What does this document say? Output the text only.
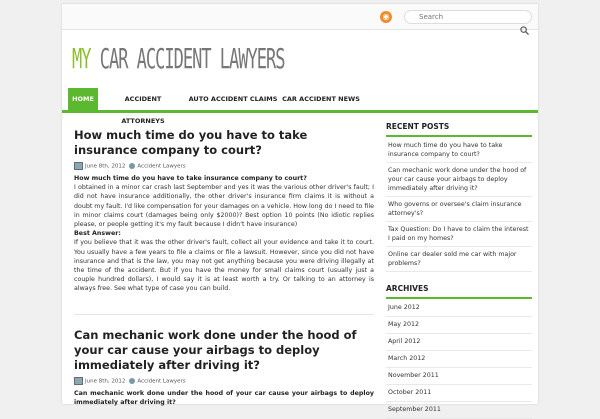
◉
Search
MY CAR ACCIDENT LAWYERS
HOME	ACCIDENT ATTORNEYS
AUTO ACCIDENT CLAIMS CAR ACCIDENT NEWS
How much time do you have to take insurance company to court?
June 8th, 2012 Accident Lawyers
How much time do you have to take insurance company to court?
I obtained in a minor car crash last September and yes it was the various other driver's fault; I did not have insurance additionally, the other driver's insurance firm claims it is without a doubt my fault. I'd like compensation for your damages on a vehicle. How long do I need to file in minor claims court (damages being only $2000)? Best option 10 points (No idiotic replies please, or people getting it's my fault because I didn't have insurance)
Best Answer:
If you believe that it was the other driver's fault, collect all your evidence and take it to court. You usually have a few years to file a claims or file a lawsuit. However, since you did not have insurance and that is the law, you may not get anything because you were driving illegally at the time of the accident. But if you have the money for small claims court (usually just a couple hundred dollars), I would say it is at least worth a try. Or talking to an attorney is always free. See what type of case you can build.
Can mechanic work done under the hood of your car cause your airbags to deploy immediately after driving it?
June 8th, 2012 Accident Lawyers
Can mechanic work done under the hood of your car cause your airbags to deploy immediately after driving it?
RECENT POSTS
How much time do you have to take insurance company to court?
Can mechanic work done under the hood of your car cause your airbags to deploy immediately after driving it?
Who governs or oversee's claim insurance attorney's?
Tax Question: Do I have to claim the interest I paid on my homes?
Online car dealer sold me car with major problems?
ARCHIVES
June 2012
May 2012
April 2012
March 2012
November 2011
October 2011
September 2011
